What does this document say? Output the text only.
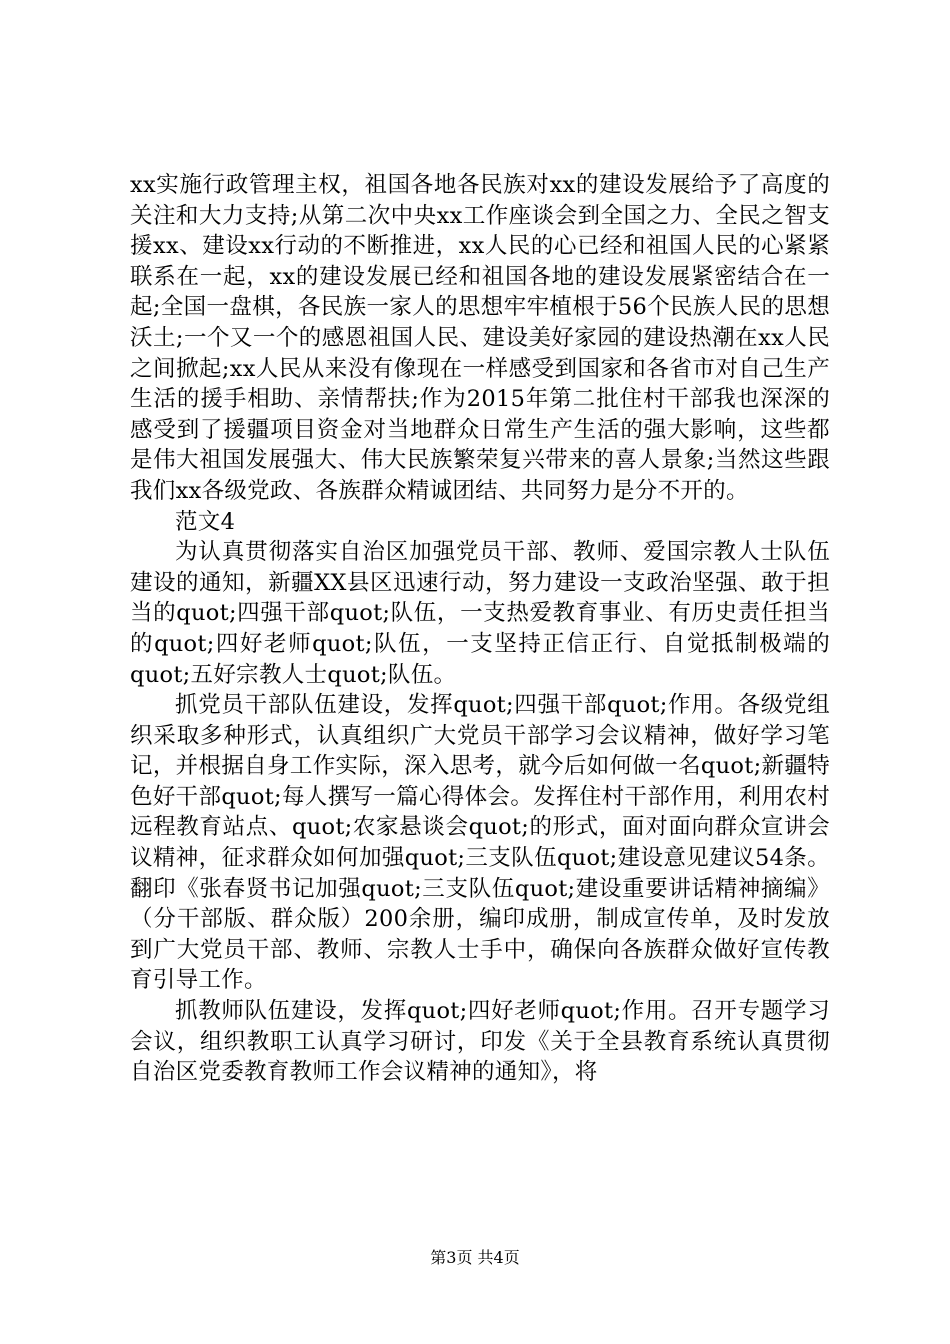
xx实施行政管理主权，祖国各地各民族对xx的建设发展给予了高度的关注和大力支持;从第二次中央xx工作座谈会到全国之力、全民之智支援xx、建设xx行动的不断推进，xx人民的心已经和祖国人民的心紧紧联系在一起，xx的建设发展已经和祖国各地的建设发展紧密结合在一起;全国一盘棋，各民族一家人的思想牢牢植根于56个民族人民的思想沃土;一个又一个的感恩祖国人民、建设美好家园的建设热潮在xx人民之间掀起;xx人民从来没有像现在一样感受到国家和各省市对自己生产生活的援手相助、亲情帮扶;作为2015年第二批住村干部我也深深的感受到了援疆项目资金对当地群众日常生产生活的强大影响，这些都是伟大祖国发展强大、伟大民族繁荣复兴带来的喜人景象;当然这些跟我们xx各级党政、各族群众精诚团结、共同努力是分不开的。

范文4

为认真贯彻落实自治区加强党员干部、教师、爱国宗教人士队伍建设的通知，新疆XX县区迅速行动，努力建设一支政治坚强、敢于担当的quot;四强干部quot;队伍，一支热爱教育事业、有历史责任担当的quot;四好老师quot;队伍，一支坚持正信正行、自觉抵制极端的quot;五好宗教人士quot;队伍。

抓党员干部队伍建设，发挥quot;四强干部quot;作用。各级党组织采取多种形式，认真组织广大党员干部学习会议精神，做好学习笔记，并根据自身工作实际，深入思考，就今后如何做一名quot;新疆特色好干部quot;每人撰写一篇心得体会。发挥住村干部作用，利用农村远程教育站点、quot;农家悬谈会quot;的形式，面对面向群众宣讲会议精神，征求群众如何加强quot;三支队伍quot;建设意见建议54条。翻印《张春贤书记加强quot;三支队伍quot;建设重要讲话精神摘编》（分干部版、群众版）200余册，编印成册，制成宣传单，及时发放到广大党员干部、教师、宗教人士手中，确保向各族群众做好宣传教育引导工作。

抓教师队伍建设，发挥quot;四好老师quot;作用。召开专题学习会议，组织教职工认真学习研讨，印发《关于全县教育系统认真贯彻自治区党委教育教师工作会议精神的通知》，将

第3页 共4页
